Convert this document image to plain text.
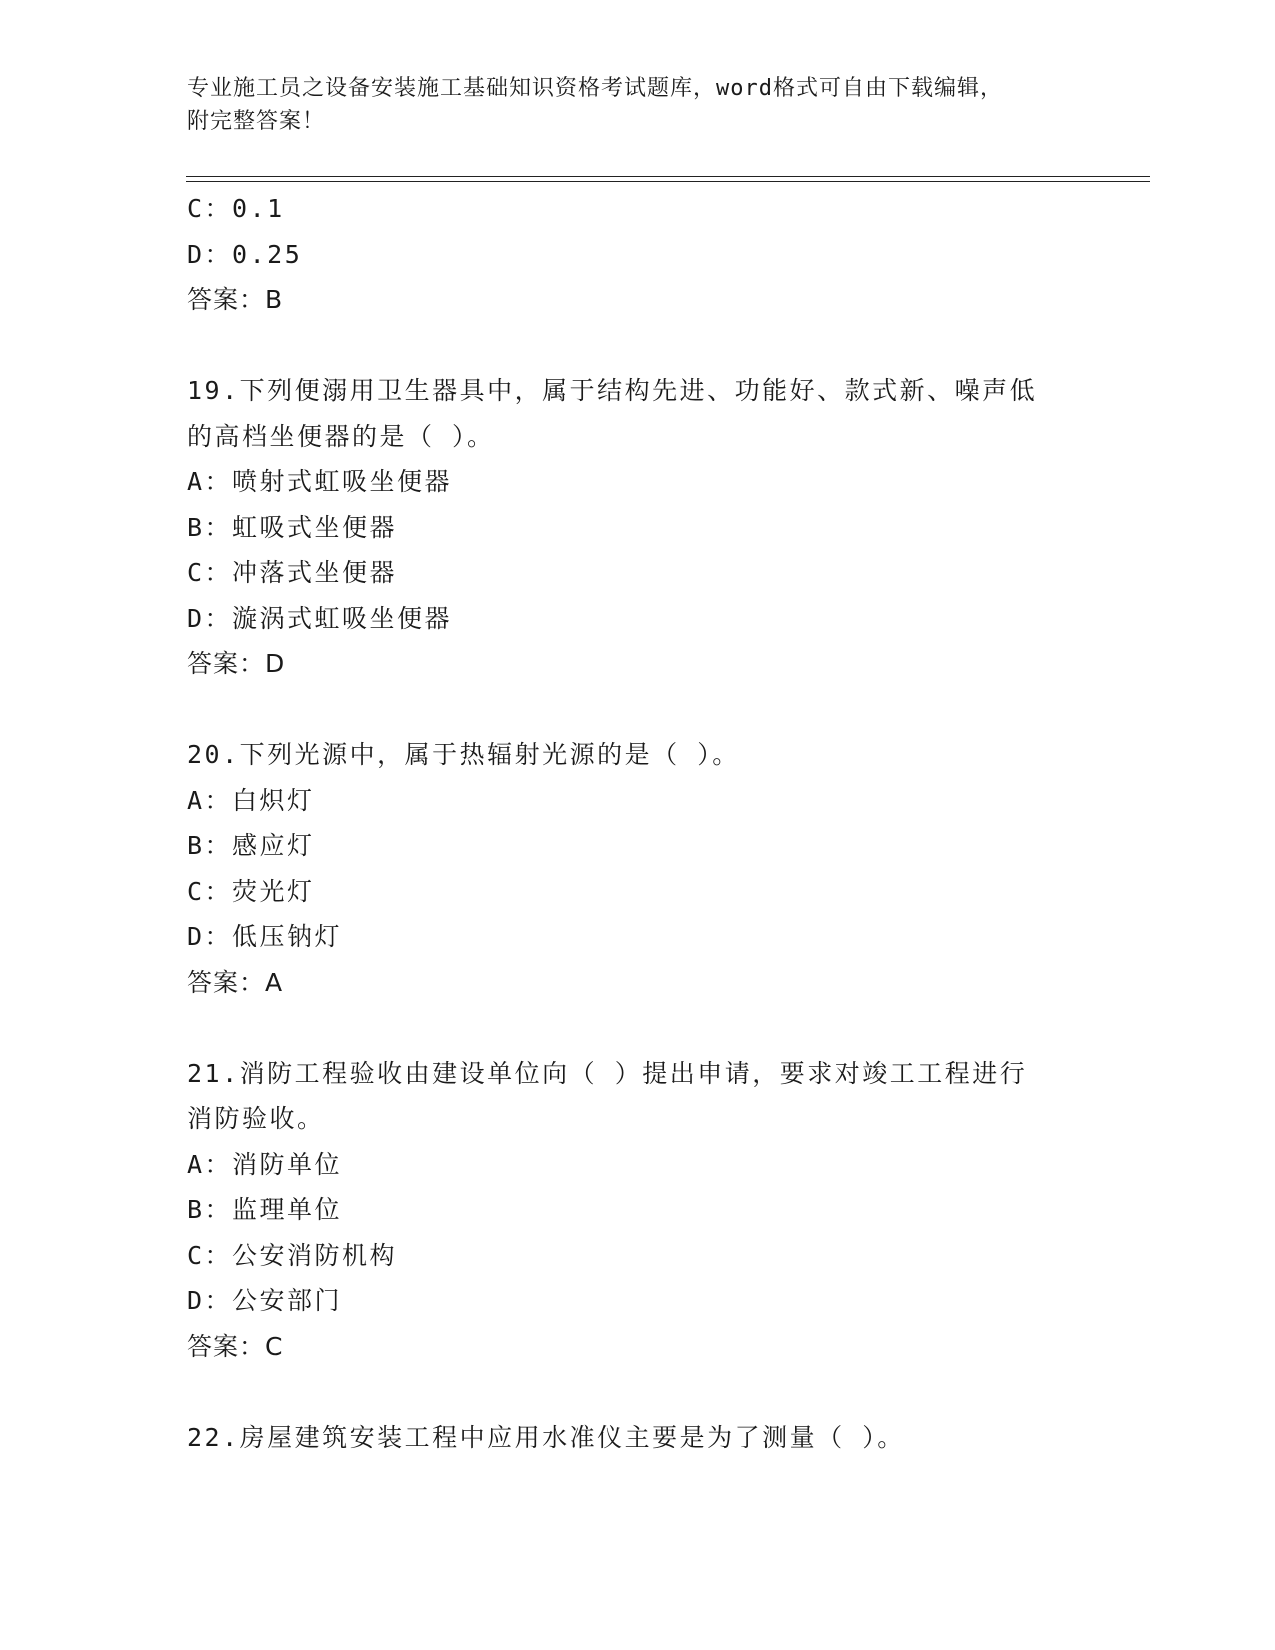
专业施工员之设备安装施工基础知识资格考试题库，word格式可自由下载编辑，
附完整答案！
C：0.1
D：0.25
答案：B
19.下列便溺用卫生器具中，属于结构先进、功能好、款式新、噪声低
的高档坐便器的是（ ）。
A：喷射式虹吸坐便器
B：虹吸式坐便器
C：冲落式坐便器
D：漩涡式虹吸坐便器
答案：D
20.下列光源中，属于热辐射光源的是（ ）。
A：白炽灯
B：感应灯
C：荧光灯
D：低压钠灯
答案：A
21.消防工程验收由建设单位向（ ）提出申请，要求对竣工工程进行
消防验收。
A：消防单位
B：监理单位
C：公安消防机构
D：公安部门
答案：C
22.房屋建筑安装工程中应用水准仪主要是为了测量（ ）。
